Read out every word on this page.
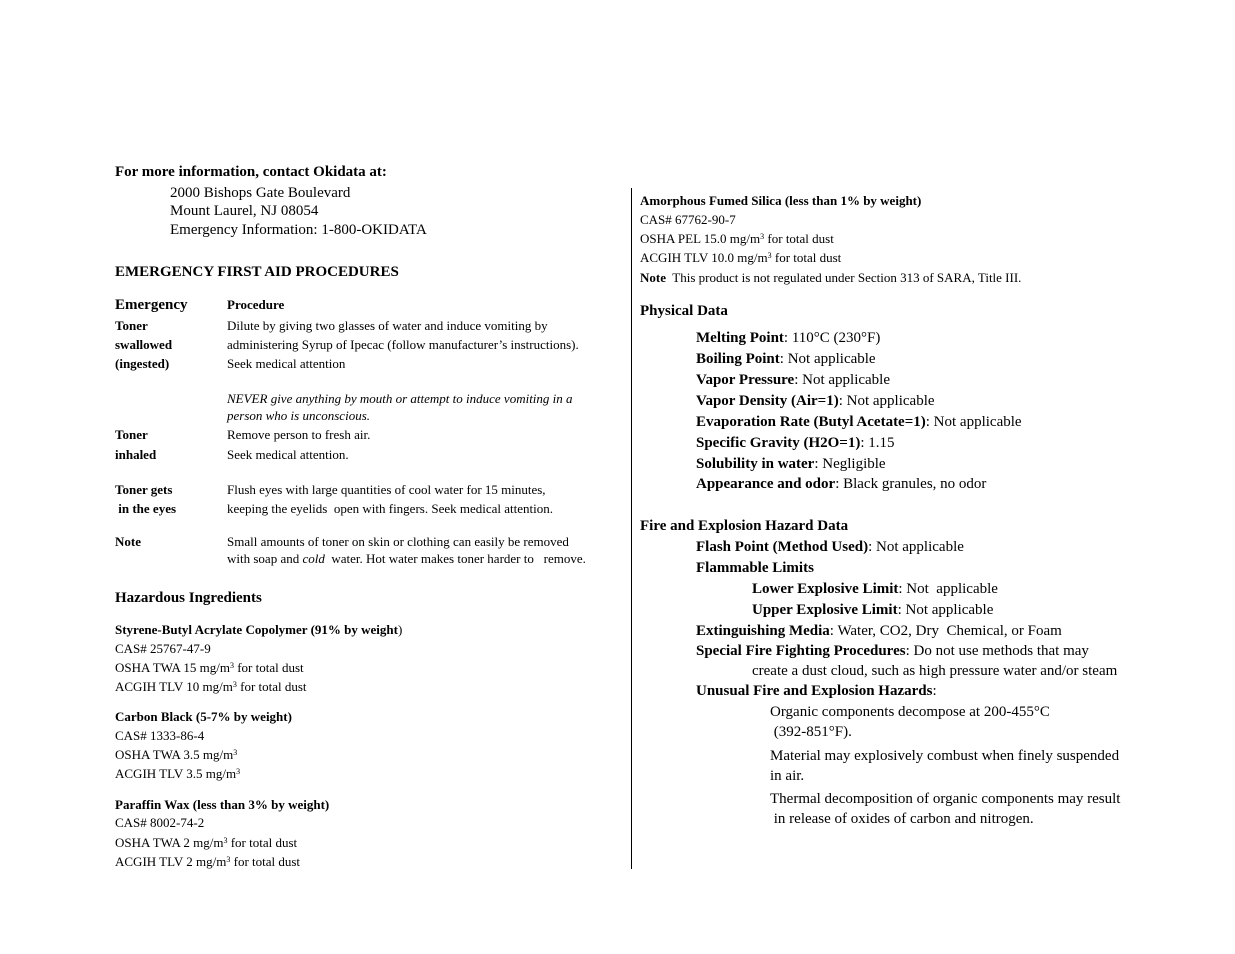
For more information, contact Okidata at:
2000 Bishops Gate Boulevard
Mount Laurel, NJ 08054
Emergency Information: 1-800-OKIDATA
EMERGENCY FIRST AID PROCEDURES
Emergency	Procedure
Toner
swallowed
(ingested)
Dilute by giving two glasses of water and induce vomiting by
administering Syrup of Ipecac (follow manufacturer’s instructions).
Seek medical attention
NEVER give anything by mouth or attempt to induce vomiting in a
person who is unconscious.
Toner
inhaled
Remove person to fresh air.
Seek medical attention.
Toner gets
in the eyes
Flush eyes with large quantities of cool water for 15 minutes,
keeping the eyelids  open with fingers. Seek medical attention.
Note	Small amounts of toner on skin or clothing can easily be removed
with soap and cold  water. Hot water makes toner harder to   remove.
Hazardous Ingredients
Styrene-Butyl Acrylate Copolymer (91% by weight)
CAS# 25767-47-9
OSHA TWA 15 $mg/m^3$ for total dust
ACGIH TLV 10 $mg/m^3$ for total dust
Carbon Black (5-7% by weight)
CAS# 1333-86-4
OSHA TWA 3.5 $mg/m^3$
ACGIH TLV 3.5 $mg/m^3$
Paraffin Wax (less than 3% by weight)
CAS# 8002-74-2
OSHA TWA 2 $mg/m^3$ for total dust
ACGIH TLV 2 $mg/m^3$ for total dust
Amorphous Fumed Silica (less than 1% by weight)
CAS# 67762-90-7
OSHA PEL 15.0 $mg/m^3$ for total dust
ACGIH TLV 10.0 $mg/m^3$ for total dust
Note  This product is not regulated under Section 313 of SARA, Title III.
Physical Data
Melting Point: 110°C (230°F)
Boiling Point: Not applicable
Vapor Pressure: Not applicable
Vapor Density (Air=1): Not applicable
Evaporation Rate (Butyl Acetate=1): Not applicable
Specific Gravity (H2O=1): 1.15
Solubility in water: Negligible
Appearance and odor: Black granules, no odor
Fire and Explosion Hazard Data
Flash Point (Method Used): Not applicable
Flammable Limits
Lower Explosive Limit: Not  applicable
Upper Explosive Limit: Not applicable
Extinguishing Media: Water, CO2, Dry  Chemical, or Foam
Special Fire Fighting Procedures: Do not use methods that may
create a dust cloud, such as high pressure water and/or steam
Unusual Fire and Explosion Hazards:
Organic components decompose at 200-455°C
(392-851°F).
Material may explosively combust when finely suspended
in air.
Thermal decomposition of organic components may result
in release of oxides of carbon and nitrogen.
